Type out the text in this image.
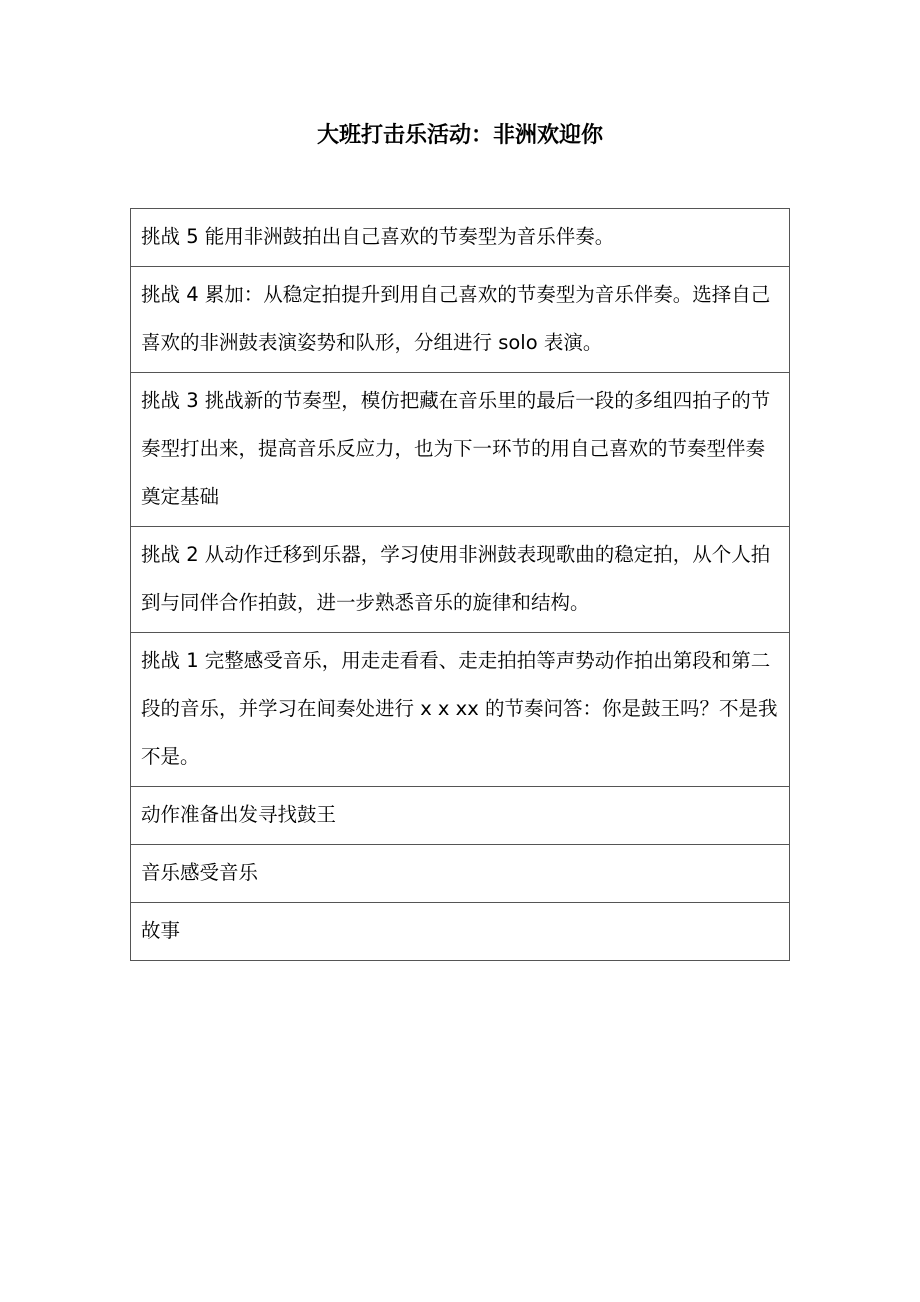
大班打击乐活动：非洲欢迎你
挑战 5 能用非洲鼓拍出自己喜欢的节奏型为音乐伴奏。
挑战 4 累加：从稳定拍提升到用自己喜欢的节奏型为音乐伴奏。选择自己喜欢的非洲鼓表演姿势和队形，分组进行 solo 表演。
挑战 3 挑战新的节奏型，模仿把藏在音乐里的最后一段的多组四拍子的节奏型打出来，提高音乐反应力，也为下一环节的用自己喜欢的节奏型伴奏奠定基础
挑战 2 从动作迁移到乐器，学习使用非洲鼓表现歌曲的稳定拍，从个人拍到与同伴合作拍鼓，进一步熟悉音乐的旋律和结构。
挑战 1 完整感受音乐，用走走看看、走走拍拍等声势动作拍出第段和第二段的音乐，并学习在间奏处进行 x x xx 的节奏问答：你是鼓王吗？不是我不是。
动作准备出发寻找鼓王
音乐感受音乐
故事
